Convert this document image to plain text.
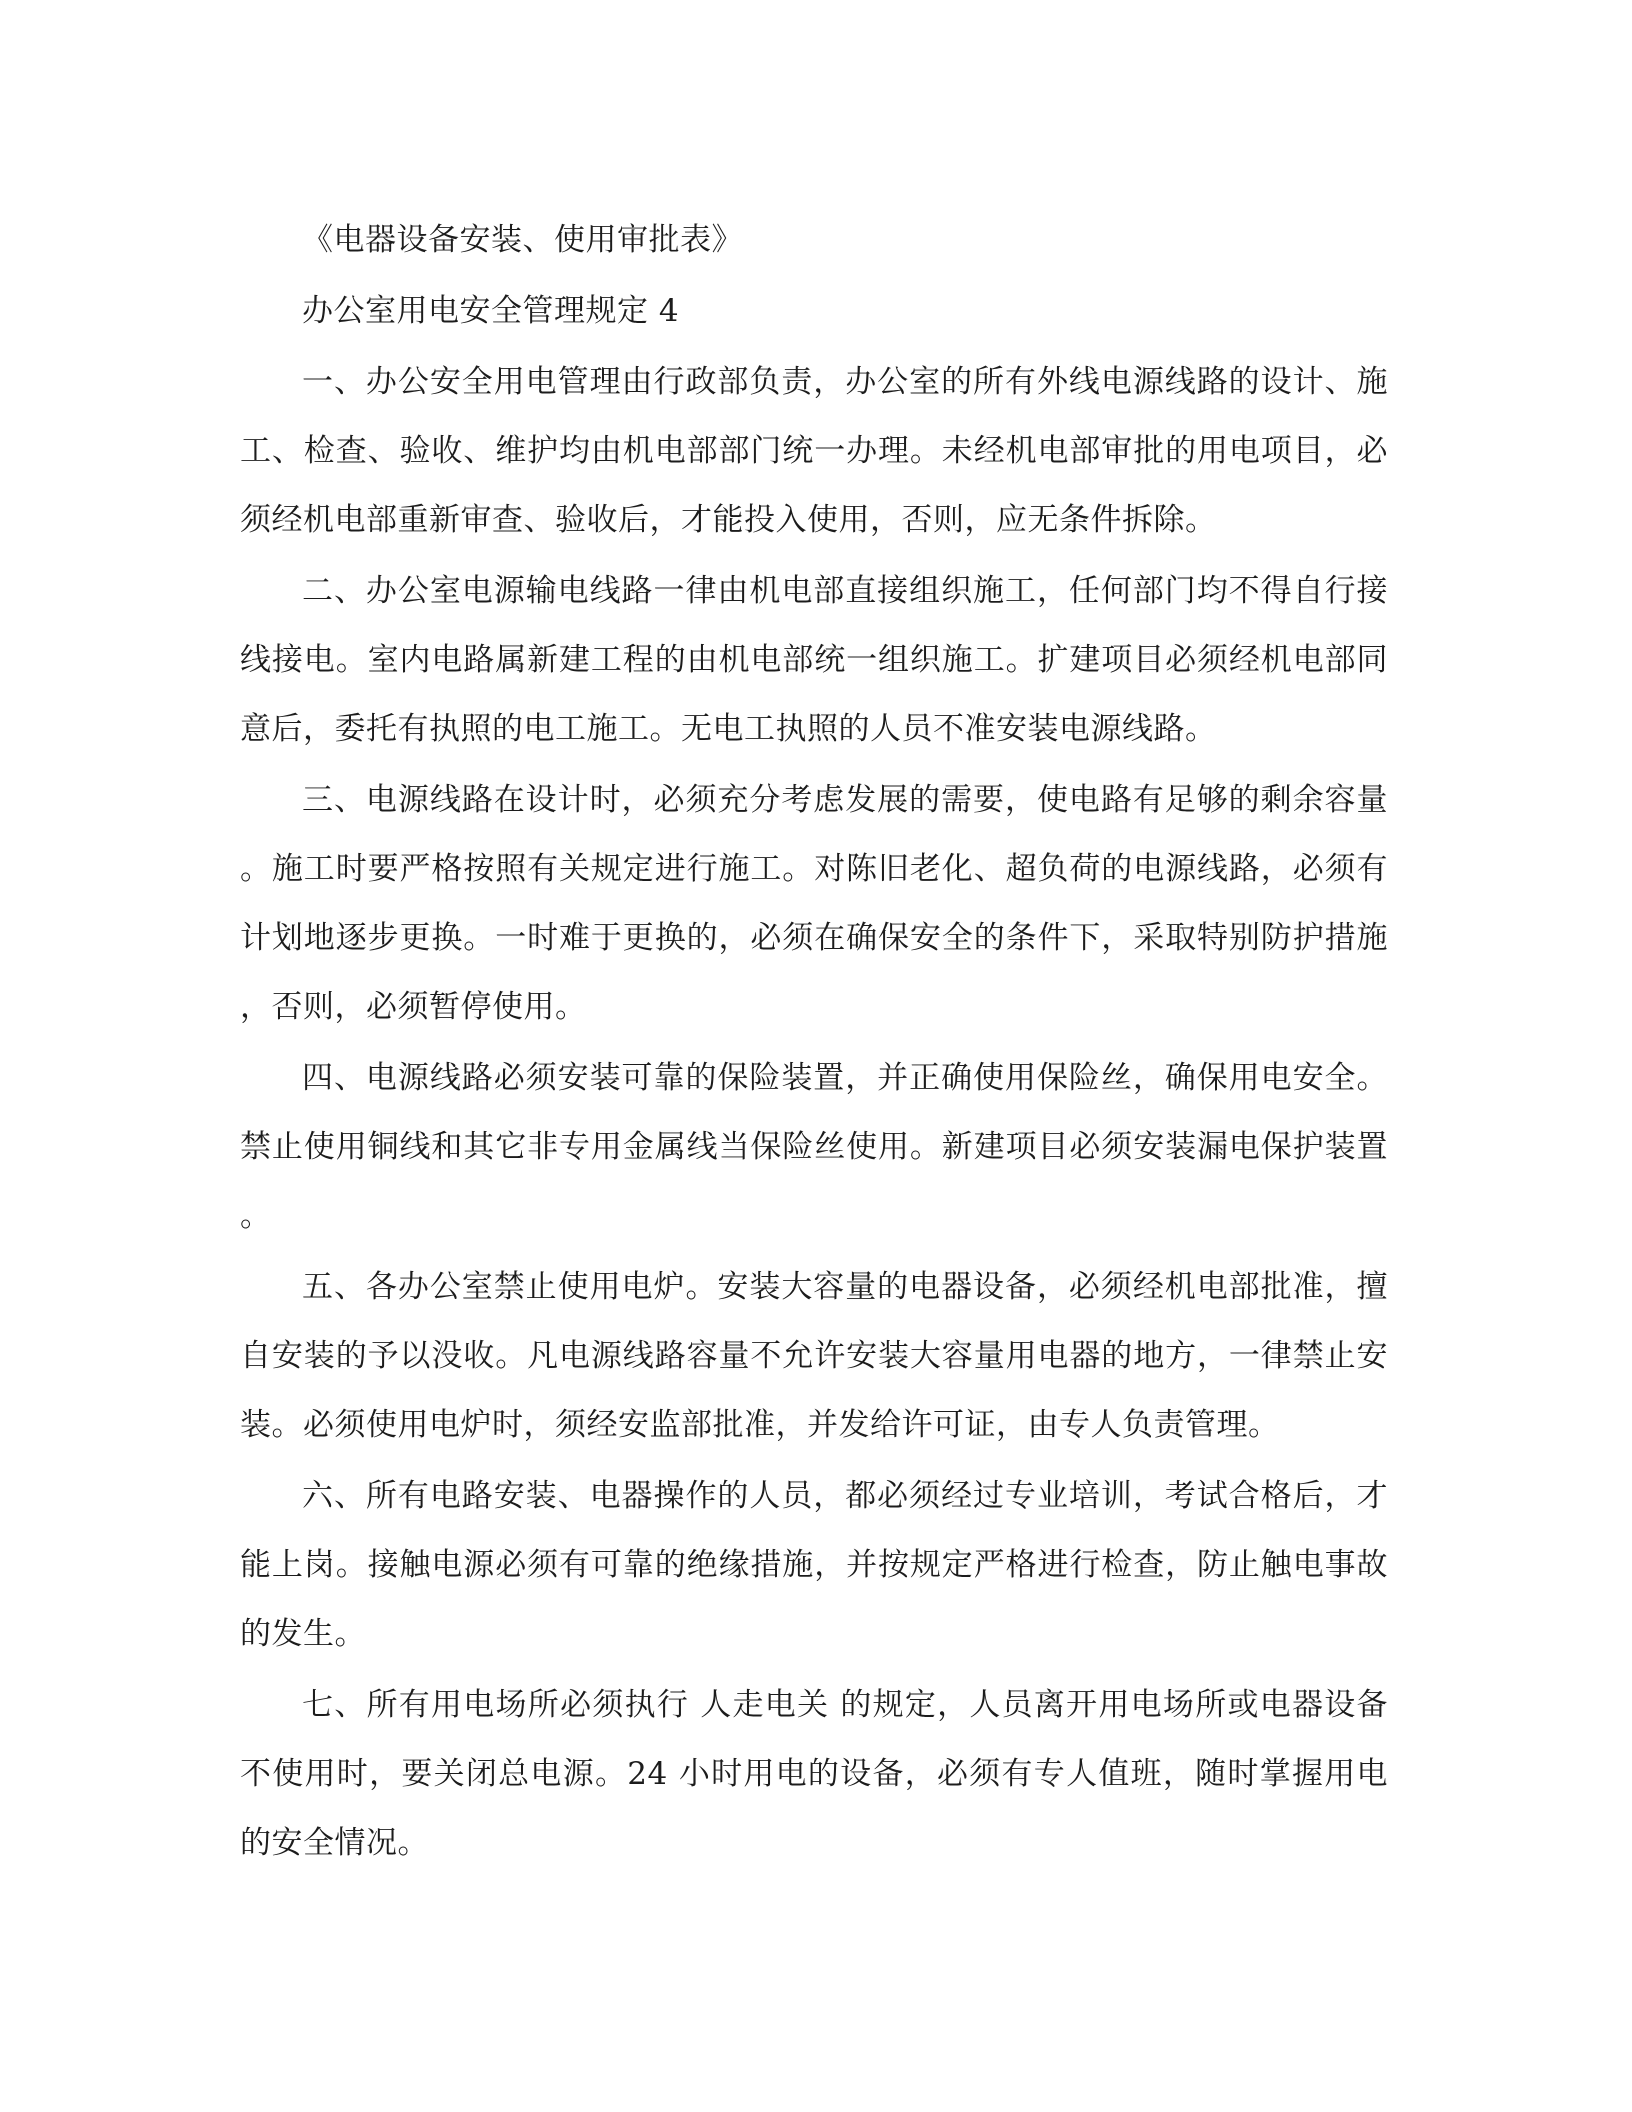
《电器设备安装、使用审批表》

办公室用电安全管理规定 4

一、办公安全用电管理由行政部负责，办公室的所有外线电源线路的设计、施工、检查、验收、维护均由机电部部门统一办理。未经机电部审批的用电项目，必须经机电部重新审查、验收后，才能投入使用，否则，应无条件拆除。

二、办公室电源输电线路一律由机电部直接组织施工，任何部门均不得自行接线接电。室内电路属新建工程的由机电部统一组织施工。扩建项目必须经机电部同意后，委托有执照的电工施工。无电工执照的人员不准安装电源线路。

三、电源线路在设计时，必须充分考虑发展的需要，使电路有足够的剩余容量。施工时要严格按照有关规定进行施工。对陈旧老化、超负荷的电源线路，必须有计划地逐步更换。一时难于更换的，必须在确保安全的条件下，采取特别防护措施，否则，必须暂停使用。

四、电源线路必须安装可靠的保险装置，并正确使用保险丝，确保用电安全。禁止使用铜线和其它非专用金属线当保险丝使用。新建项目必须安装漏电保护装置。

五、各办公室禁止使用电炉。安装大容量的电器设备，必须经机电部批准，擅自安装的予以没收。凡电源线路容量不允许安装大容量用电器的地方，一律禁止安装。必须使用电炉时，须经安监部批准，并发给许可证，由专人负责管理。

六、所有电路安装、电器操作的人员，都必须经过专业培训，考试合格后，才能上岗。接触电源必须有可靠的绝缘措施，并按规定严格进行检查，防止触电事故的发生。

七、所有用电场所必须执行 人走电关 的规定，人员离开用电场所或电器设备不使用时，要关闭总电源。24 小时用电的设备，必须有专人值班，随时掌握用电的安全情况。
